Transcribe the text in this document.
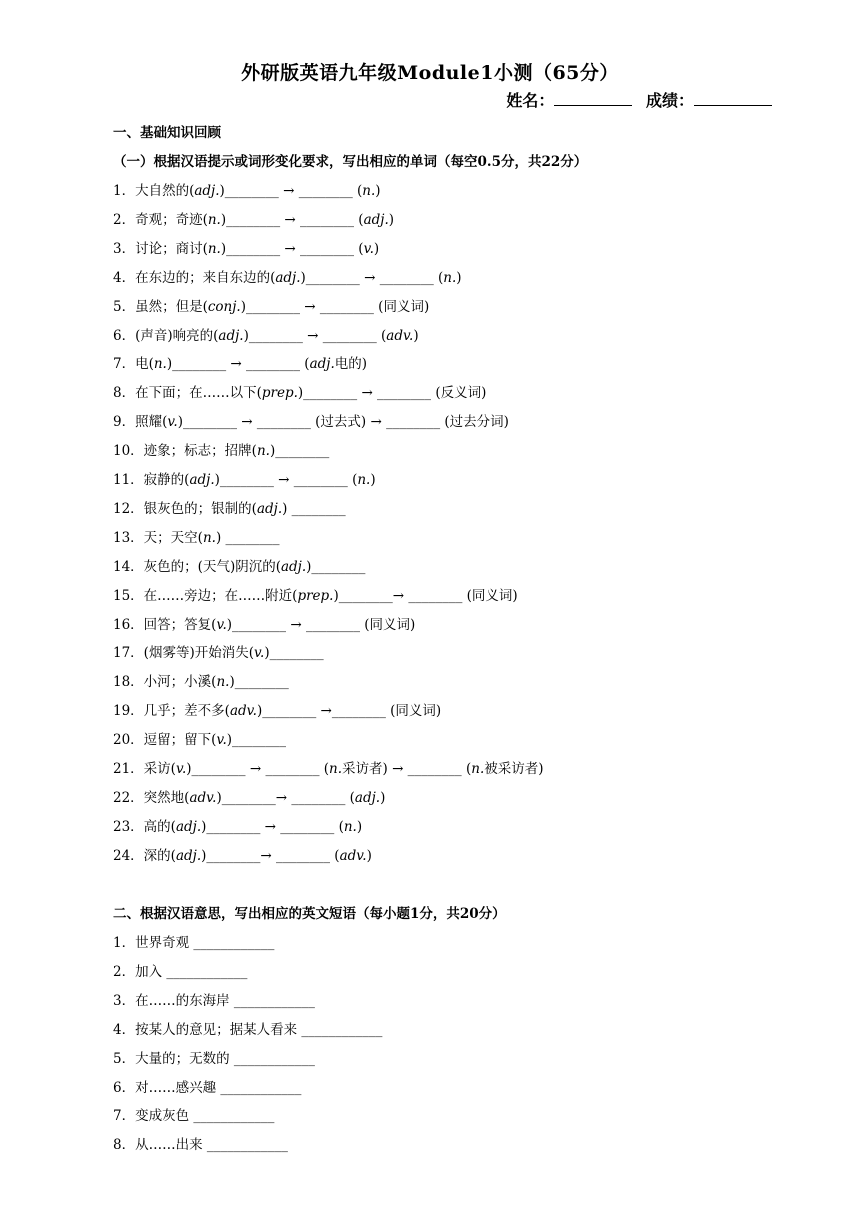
外研版英语九年级Module1小测（65分）
姓名：	成绩：
一、基础知识回顾
（一）根据汉语提示或词形变化要求，写出相应的单词（每空0.5分，共22分）
1．大自然的(adj.)________ → ________ (n.)
2．奇观；奇迹(n.)________ → ________ (adj.)
3．讨论；商讨(n.)________ → ________ (v.)
4．在东边的；来自东边的(adj.)________ → ________ (n.)
5．虽然；但是(conj.)________ → ________ (同义词)
6．(声音)响亮的(adj.)________ → ________ (adv.)
7．电(n.)________ → ________ (adj.电的)
8．在下面；在……以下(prep.)________ → ________ (反义词)
9．照耀(v.)________ → ________ (过去式) → ________ (过去分词)
10．迹象；标志；招牌(n.)________
11．寂静的(adj.)________ → ________ (n.)
12．银灰色的；银制的(adj.) ________
13．天；天空(n.) ________
14．灰色的；(天气)阴沉的(adj.)________
15．在……旁边；在……附近(prep.)________→ ________ (同义词)
16．回答；答复(v.)________ → ________ (同义词)
17．(烟雾等)开始消失(v.)________
18．小河；小溪(n.)________
19．几乎；差不多(adv.)________ →________ (同义词)
20．逗留；留下(v.)________
21．采访(v.)________ → ________ (n.采访者) → ________ (n.被采访者)
22．突然地(adv.)________→ ________ (adj.)
23．高的(adj.)________ → ________ (n.)
24．深的(adj.)________→ ________ (adv.)
二、根据汉语意思，写出相应的英文短语（每小题1分，共20分）
1．世界奇观 ____________
2．加入 ____________
3．在……的东海岸 ____________
4．按某人的意见；据某人看来 ____________
5．大量的；无数的 ____________
6．对……感兴趣 ____________
7．变成灰色 ____________
8．从……出来 ____________
